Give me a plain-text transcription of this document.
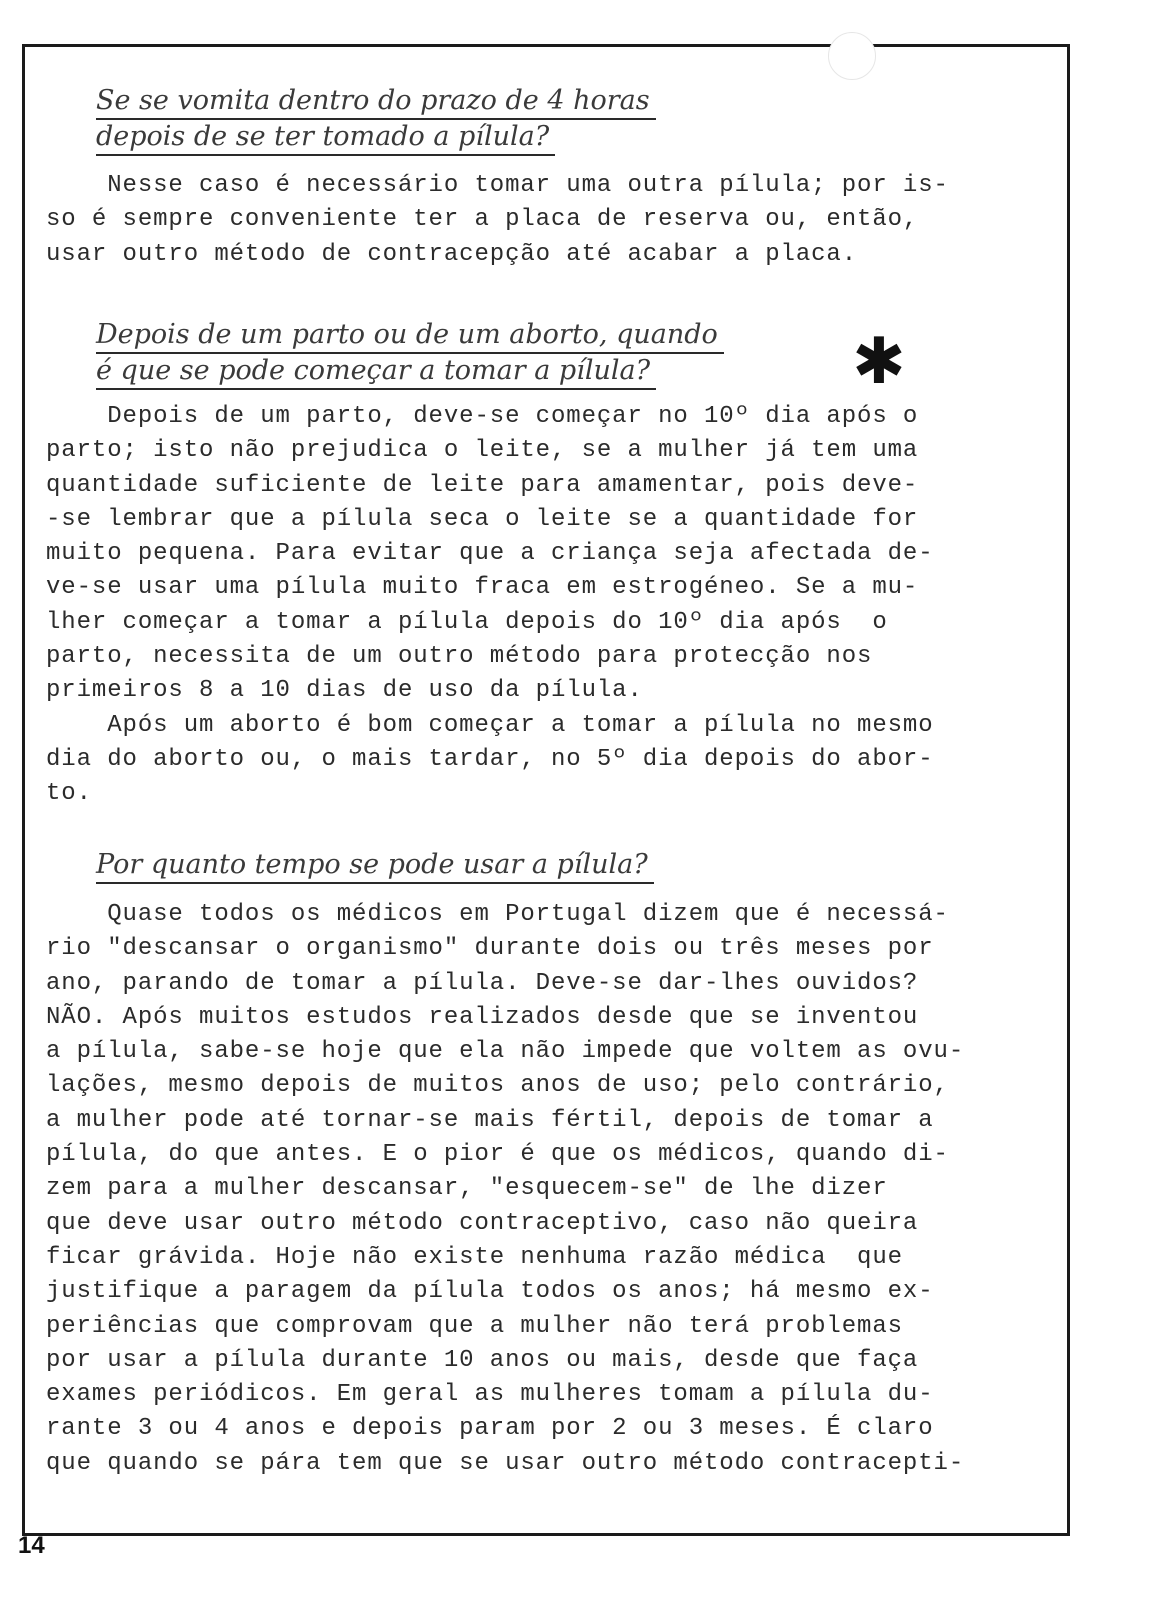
Se se vomita dentro do prazo de 4 horas
depois de se ter tomado a pílula?
Nesse caso é necessário tomar uma outra pílula; por is-
so é sempre conveniente ter a placa de reserva ou, então,
usar outro método de contracepção até acabar a placa.
Depois de um parto ou de um aborto, quando
é que se pode começar a tomar a pílula?	✱
Depois de um parto, deve-se começar no 10º dia após o
parto; isto não prejudica o leite, se a mulher já tem uma
quantidade suficiente de leite para amamentar, pois deve-
-se lembrar que a pílula seca o leite se a quantidade for
muito pequena. Para evitar que a criança seja afectada de-
ve-se usar uma pílula muito fraca em estrogéneo. Se a mu-
lher começar a tomar a pílula depois do 10º dia após  o
parto, necessita de um outro método para protecção nos
primeiros 8 a 10 dias de uso da pílula.
Após um aborto é bom começar a tomar a pílula no mesmo
dia do aborto ou, o mais tardar, no 5º dia depois do abor-
to.
Por quanto tempo se pode usar a pílula?
Quase todos os médicos em Portugal dizem que é necessá-
rio "descansar o organismo" durante dois ou três meses por
ano, parando de tomar a pílula. Deve-se dar-lhes ouvidos?
NÃO. Após muitos estudos realizados desde que se inventou
a pílula, sabe-se hoje que ela não impede que voltem as ovu-
lações, mesmo depois de muitos anos de uso; pelo contrário,
a mulher pode até tornar-se mais fértil, depois de tomar a
pílula, do que antes. E o pior é que os médicos, quando di-
zem para a mulher descansar, "esquecem-se" de lhe dizer
que deve usar outro método contraceptivo, caso não queira
ficar grávida. Hoje não existe nenhuma razão médica  que
justifique a paragem da pílula todos os anos; há mesmo ex-
periências que comprovam que a mulher não terá problemas
por usar a pílula durante 10 anos ou mais, desde que faça
exames periódicos. Em geral as mulheres tomam a pílula du-
rante 3 ou 4 anos e depois param por 2 ou 3 meses. É claro
que quando se pára tem que se usar outro método contracepti-
14
